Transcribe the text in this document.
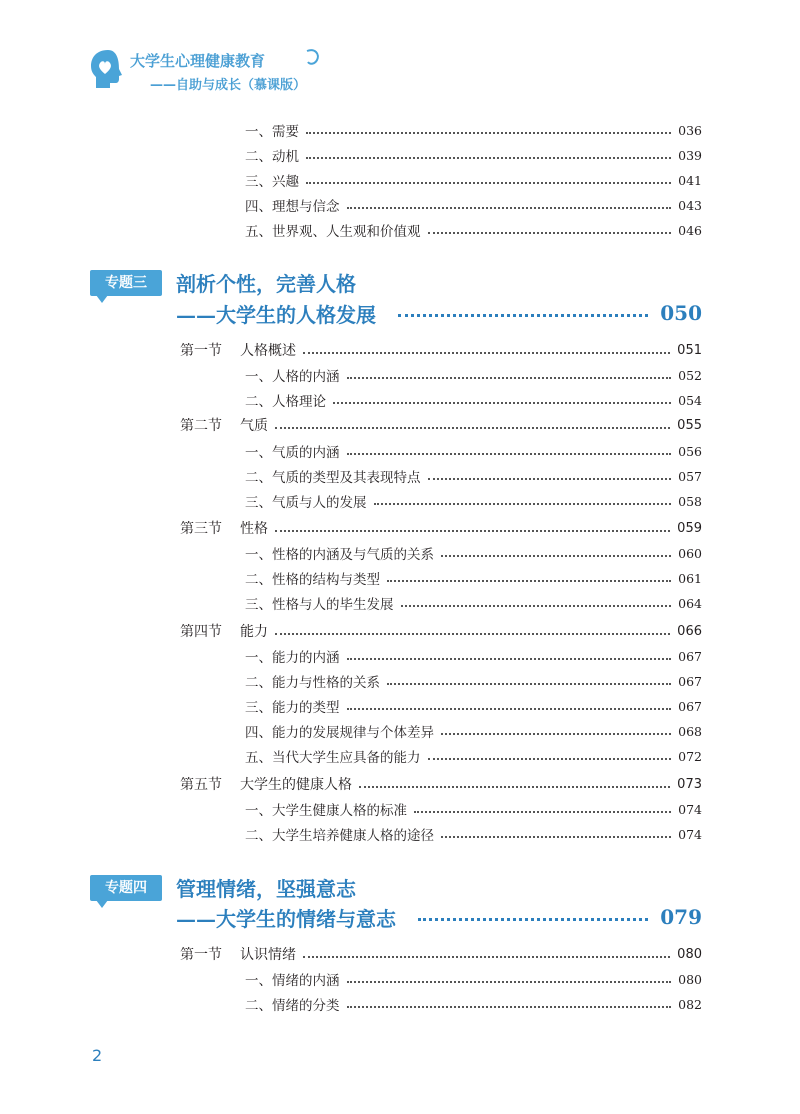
大学生心理健康教育
——自助与成长（慕课版）
一、需要	036
二、动机	039
三、兴趣	041
四、理想与信念	043
五、世界观、人生观和价值观	046
专题三	剖析个性，完善人格
——大学生的人格发展	050
第一节	人格概述	051
一、人格的内涵	052
二、人格理论	054
第二节	气质	055
一、气质的内涵	056
二、气质的类型及其表现特点	057
三、气质与人的发展	058
第三节	性格	059
一、性格的内涵及与气质的关系	060
二、性格的结构与类型	061
三、性格与人的毕生发展	064
第四节	能力	066
一、能力的内涵	067
二、能力与性格的关系	067
三、能力的类型	067
四、能力的发展规律与个体差异	068
五、当代大学生应具备的能力	072
第五节	大学生的健康人格	073
一、大学生健康人格的标准	074
二、大学生培养健康人格的途径	074
专题四	管理情绪，坚强意志
——大学生的情绪与意志	079
第一节	认识情绪	080
一、情绪的内涵	080
二、情绪的分类	082
2
